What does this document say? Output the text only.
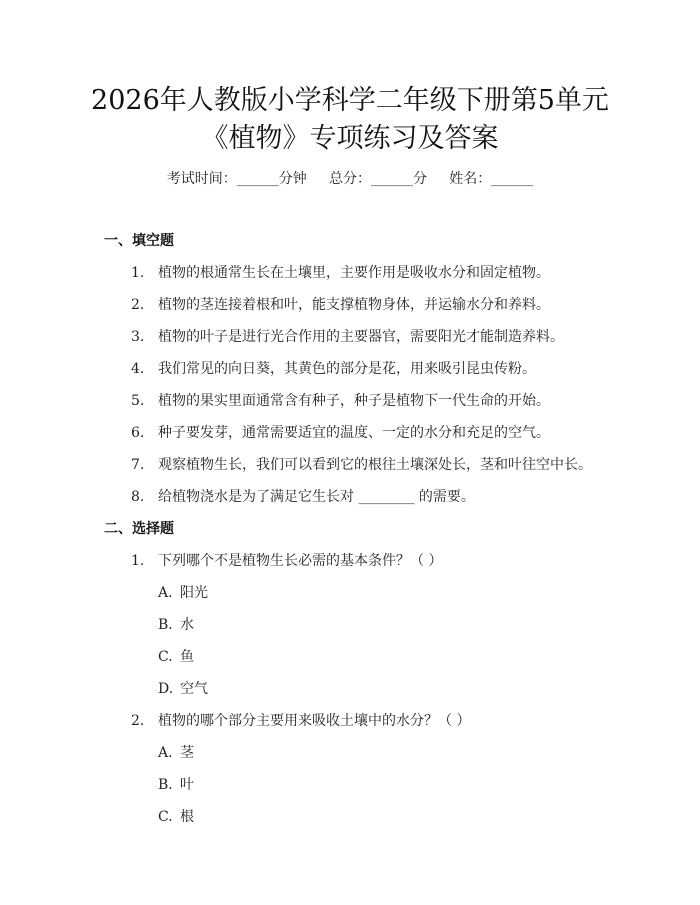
2026年人教版小学科学二年级下册第5单元
《植物》专项练习及答案
考试时间：______分钟     总分：______分     姓名：______
一、填空题
1. 植物的根通常生长在土壤里，主要作用是吸收水分和固定植物。
2. 植物的茎连接着根和叶，能支撑植物身体，并运输水分和养料。
3. 植物的叶子是进行光合作用的主要器官，需要阳光才能制造养料。
4. 我们常见的向日葵，其黄色的部分是花，用来吸引昆虫传粉。
5. 植物的果实里面通常含有种子，种子是植物下一代生命的开始。
6. 种子要发芽，通常需要适宜的温度、一定的水分和充足的空气。
7. 观察植物生长，我们可以看到它的根往土壤深处长，茎和叶往空中长。
8. 给植物浇水是为了满足它生长对 ________ 的需要。
二、选择题
1. 下列哪个不是植物生长必需的基本条件？（ ）
A. 阳光
B. 水
C. 鱼
D. 空气
2. 植物的哪个部分主要用来吸收土壤中的水分？（ ）
A. 茎
B. 叶
C. 根
